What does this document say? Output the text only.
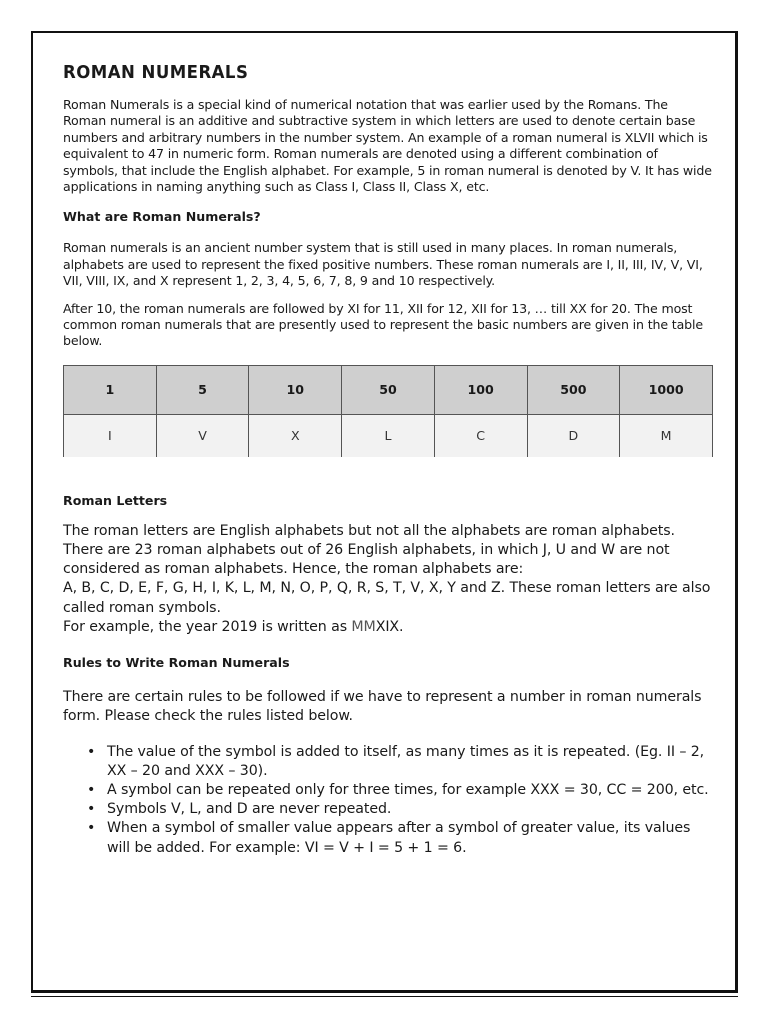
ROMAN NUMERALS

Roman Numerals is a special kind of numerical notation that was earlier used by the Romans. The Roman numeral is an additive and subtractive system in which letters are used to denote certain base numbers and arbitrary numbers in the number system. An example of a roman numeral is XLVII which is equivalent to 47 in numeric form. Roman numerals are denoted using a different combination of symbols, that include the English alphabet. For example, 5 in roman numeral is denoted by V. It has wide applications in naming anything such as Class I, Class II, Class X, etc.

What are Roman Numerals?

Roman numerals is an ancient number system that is still used in many places. In roman numerals, alphabets are used to represent the fixed positive numbers. These roman numerals are I, II, III, IV, V, VI, VII, VIII, IX, and X represent 1, 2, 3, 4, 5, 6, 7, 8, 9 and 10 respectively.

After 10, the roman numerals are followed by XI for 11, XII for 12, XII for 13, … till XX for 20. The most common roman numerals that are presently used to represent the basic numbers are given in the table below.

1	5	10	50	100	500	1000
I	V	X	L	C	D	M

Roman Letters

The roman letters are English alphabets but not all the alphabets are roman alphabets. There are 23 roman alphabets out of 26 English alphabets, in which J, U and W are not considered as roman alphabets. Hence, the roman alphabets are:
A, B, C, D, E, F, G, H, I, K, L, M, N, O, P, Q, R, S, T, V, X, Y and Z. These roman letters are also called roman symbols.
For example, the year 2019 is written as MMXIX.

Rules to Write Roman Numerals

There are certain rules to be followed if we have to represent a number in roman numerals form. Please check the rules listed below.

• The value of the symbol is added to itself, as many times as it is repeated. (Eg. II – 2, XX – 20 and XXX – 30).
• A symbol can be repeated only for three times, for example XXX = 30, CC = 200, etc.
• Symbols V, L, and D are never repeated.
• When a symbol of smaller value appears after a symbol of greater value, its values will be added. For example: VI = V + I = 5 + 1 = 6.
